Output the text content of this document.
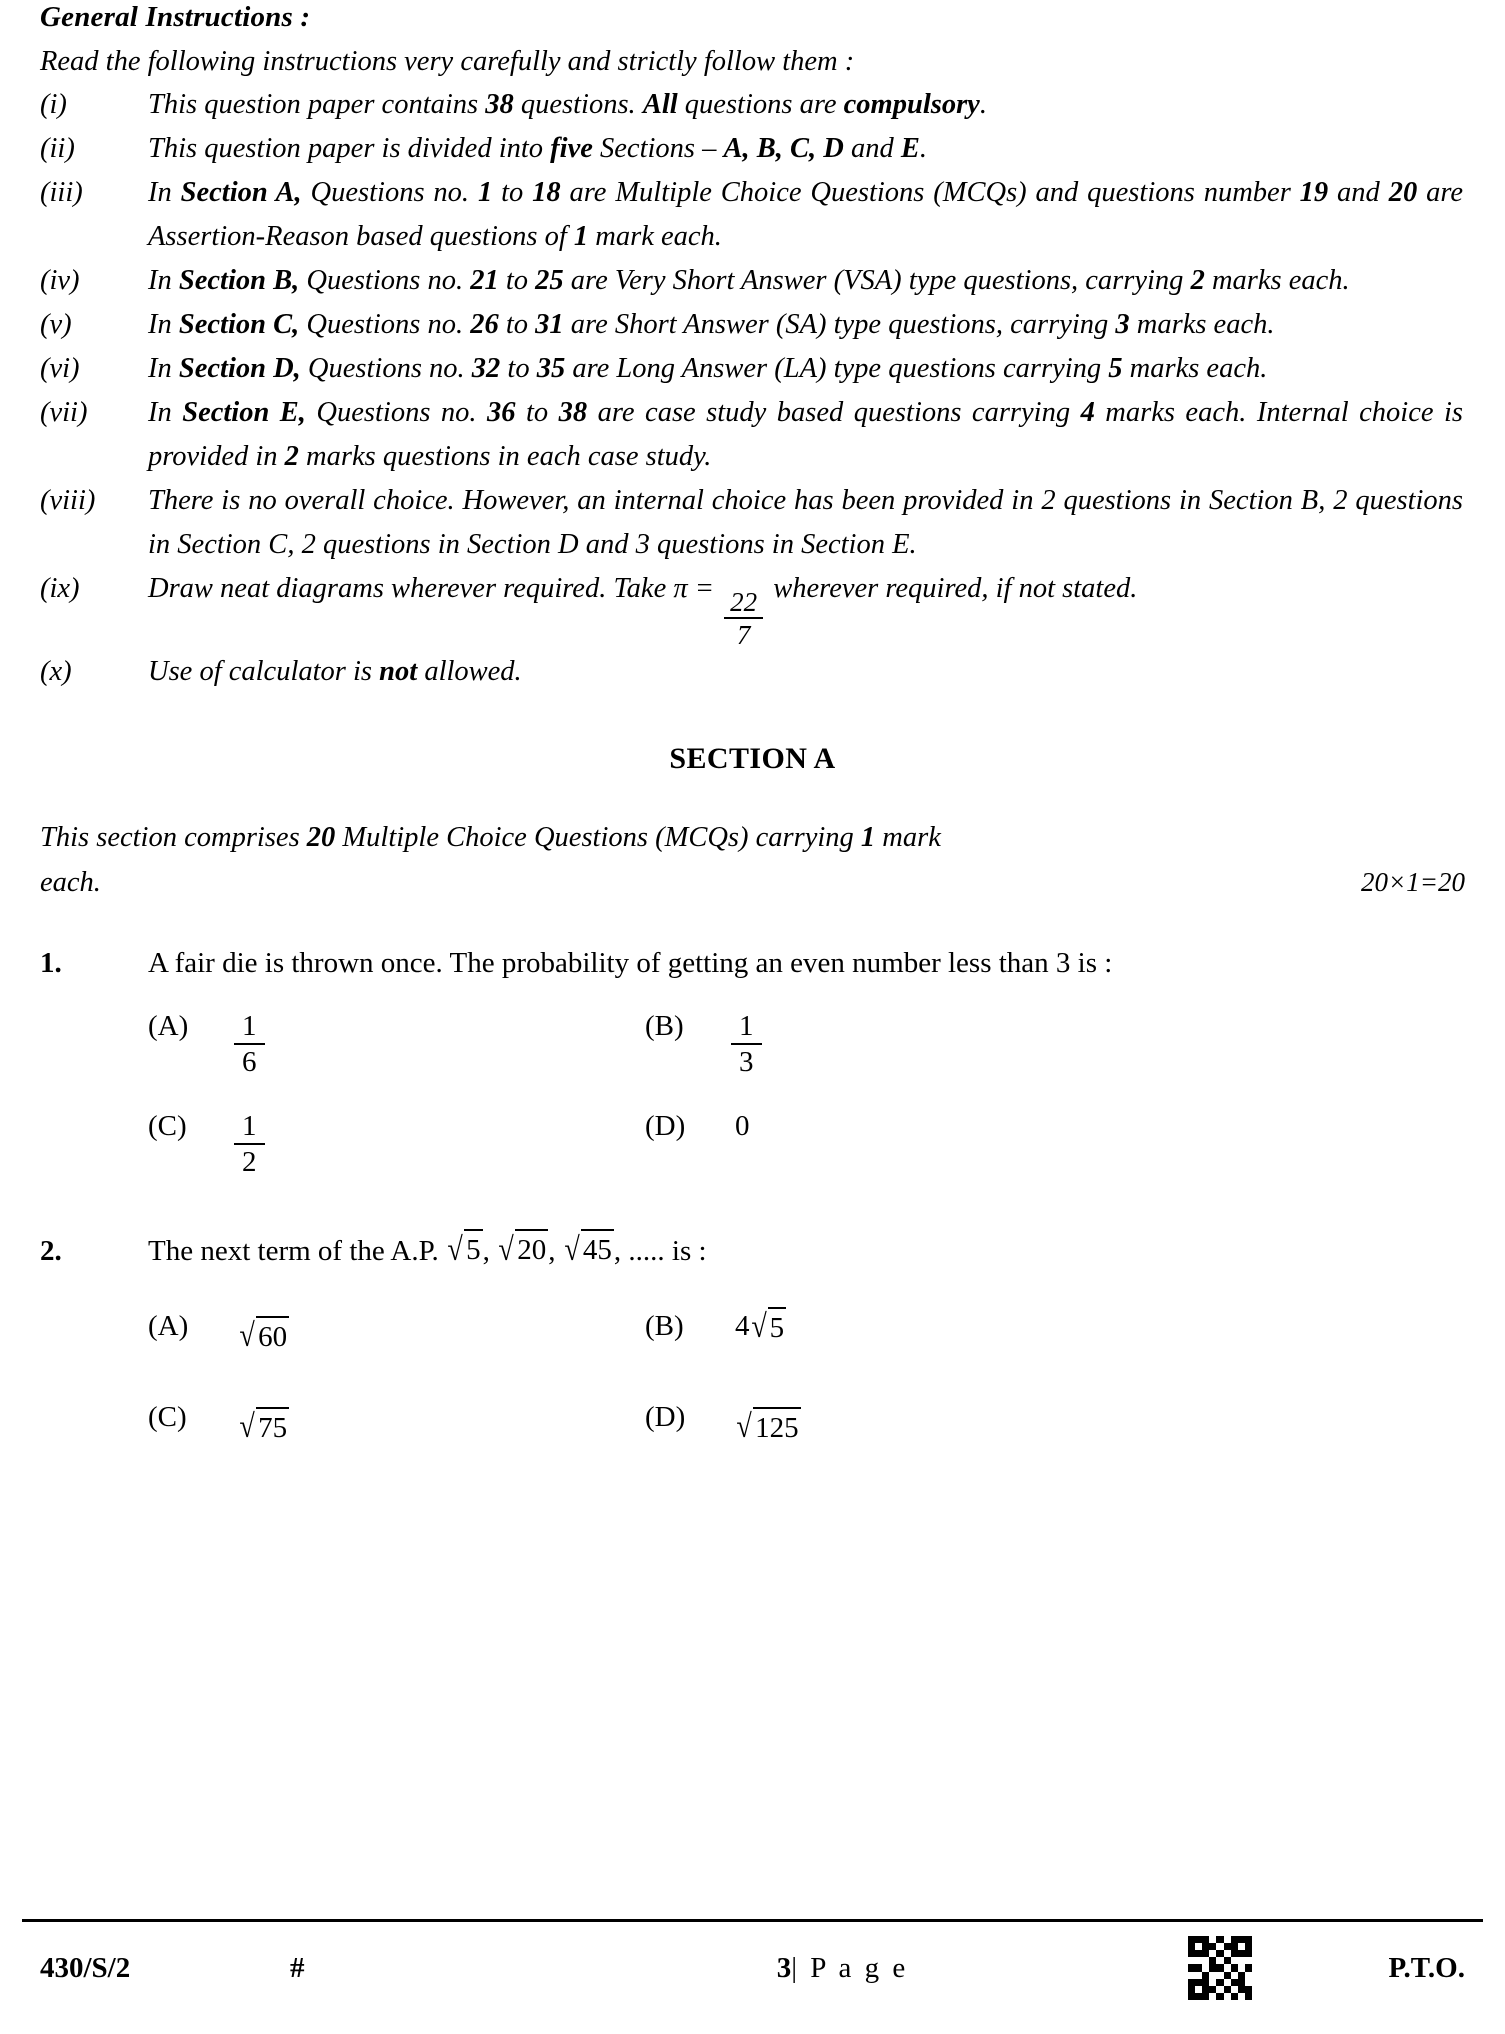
General Instructions :
Read the following instructions very carefully and strictly follow them :
(i)	This question paper contains 38 questions. All questions are compulsory.
(ii)	This question paper is divided into five Sections – A, B, C, D and E.
(iii)	In Section A, Questions no. 1 to 18 are Multiple Choice Questions (MCQs) and questions number 19 and 20 are Assertion-Reason based questions of 1 mark each.
(iv)	In Section B, Questions no. 21 to 25 are Very Short Answer (VSA) type questions, carrying 2 marks each.
(v)	In Section C, Questions no. 26 to 31 are Short Answer (SA) type questions, carrying 3 marks each.
(vi)	In Section D, Questions no. 32 to 35 are Long Answer (LA) type questions carrying 5 marks each.
(vii)	In Section E, Questions no. 36 to 38 are case study based questions carrying 4 marks each. Internal choice is provided in 2 marks questions in each case study.
(viii)	There is no overall choice. However, an internal choice has been provided in 2 questions in Section B, 2 questions in Section C, 2 questions in Section D and 3 questions in Section E.
(ix)	Draw neat diagrams wherever required. Take π =
$\frac{22}{7}$
wherever required, if not stated.
(x)	Use of calculator is not allowed.
SECTION A
This section comprises 20 Multiple Choice Questions (MCQs) carrying 1 mark
each.	20×1=20
1.	A fair die is thrown once. The probability of getting an even number less than 3 is :
(A)	$\frac{1}{6}$	(B)	$\frac{1}{3}$
(C)	$\frac{1}{2}$	(D)	0
2.	The next term of the A.P. √ 5 , √ 20 , √ 45 , ..... is :
(A)	√ 60	(B)	4 √ 5
(C)	√ 75	(D)	√ 125
430/S/2	#	3| P a g e	P.T.O.
